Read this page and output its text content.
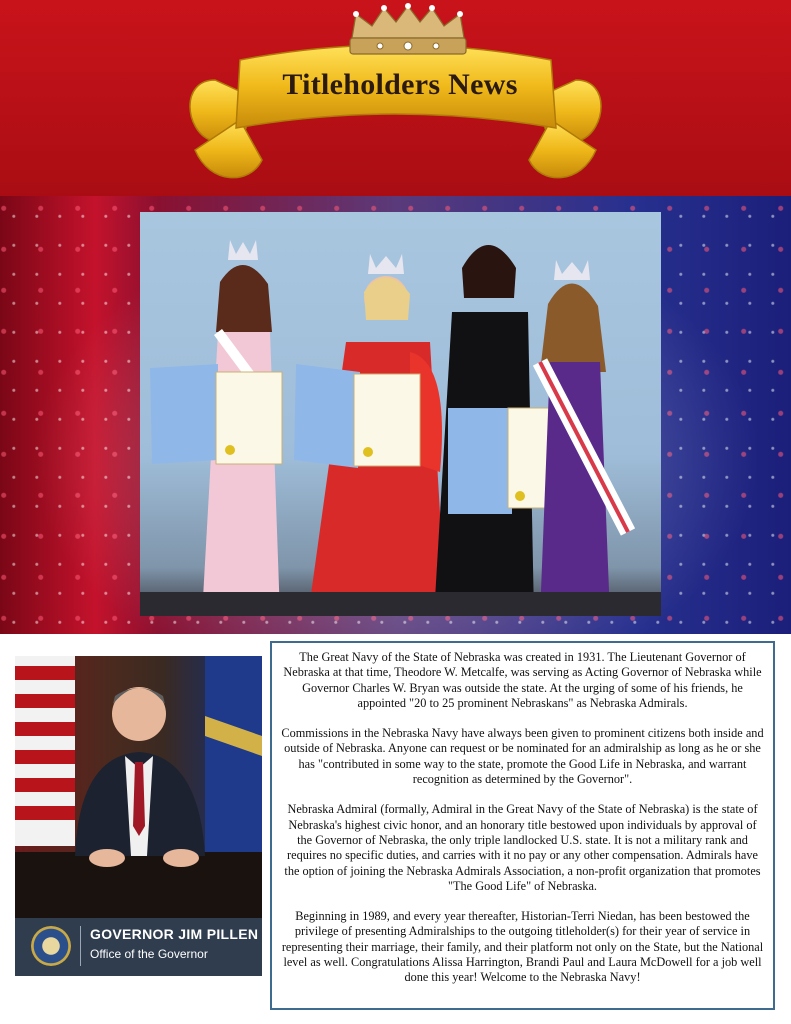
Titleholders News
GOVERNOR JIM PILLEN
Office of the Governor

The Great Navy of the State of Nebraska was created in 1931. The Lieutenant Governor of Nebraska at that time, Theodore W. Metcalfe, was serving as Acting Governor of Nebraska while Governor Charles W. Bryan was outside the state. At the urging of some of his friends, he appointed "20 to 25 prominent Nebraskans" as Nebraska Admirals.

Commissions in the Nebraska Navy have always been given to prominent citizens both inside and outside of Nebraska. Anyone can request or be nominated for an admiralship as long as he or she has "contributed in some way to the state, promote the Good Life in Nebraska, and warrant recognition as determined by the Governor".

Nebraska Admiral (formally, Admiral in the Great Navy of the State of Nebraska) is the state of Nebraska's highest civic honor, and an honorary title bestowed upon individuals by approval of the Governor of Nebraska, the only triple landlocked U.S. state. It is not a military rank and requires no specific duties, and carries with it no pay or any other compensation. Admirals have the option of joining the Nebraska Admirals Association, a non-profit organization that promotes "The Good Life" of Nebraska.

Beginning in 1989, and every year thereafter, Historian-Terri Niedan, has been bestowed the privilege of presenting Admiralships to the outgoing titleholder(s) for their year of service in representing their marriage, their family, and their platform not only on the State, but the National level as well. Congratulations Alissa Harrington, Brandi Paul and Laura McDowell for a job well done this year! Welcome to the Nebraska Navy!
